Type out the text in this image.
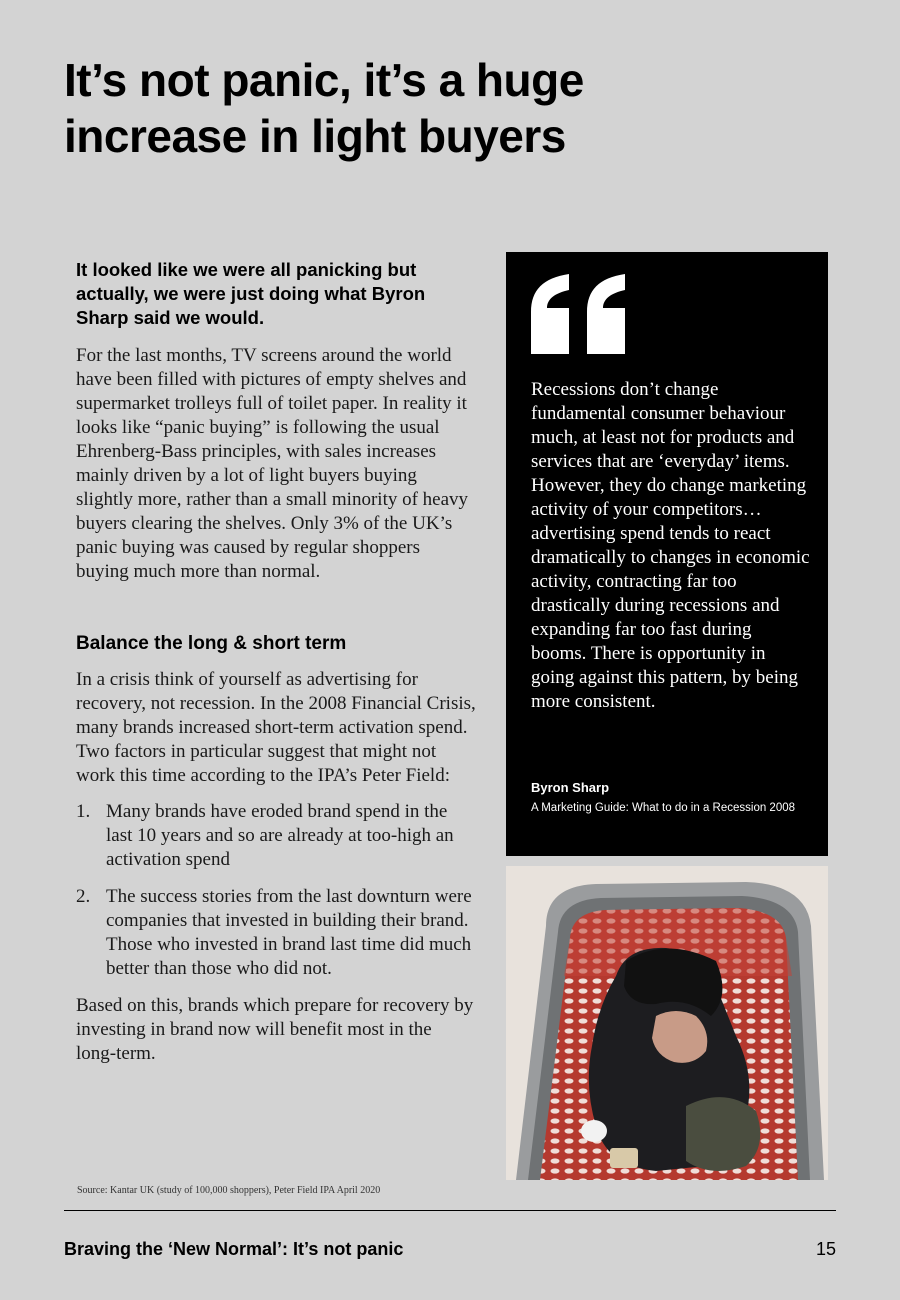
It’s not panic, it’s a huge increase in light buyers

It looked like we were all panicking but actually, we were just doing what Byron Sharp said we would.

For the last months, TV screens around the world have been filled with pictures of empty shelves and supermarket trolleys full of toilet paper. In reality it looks like “panic buying” is following the usual Ehrenberg-Bass principles, with sales increases mainly driven by a lot of light buyers buying slightly more, rather than a small minority of heavy buyers clearing the shelves. Only 3% of the UK’s panic buying was caused by regular shoppers buying much more than normal.

Balance the long & short term

In a crisis think of yourself as advertising for recovery, not recession. In the 2008 Financial Crisis, many brands increased short-term activation spend. Two factors in particular suggest that might not work this time according to the IPA’s Peter Field:

1. Many brands have eroded brand spend in the last 10 years and so are already at too-high an activation spend
2. The success stories from the last downturn were companies that invested in building their brand. Those who invested in brand last time did much better than those who did not.

Based on this, brands which prepare for recovery by investing in brand now will benefit most in the long-term.

Source: Kantar UK (study of 100,000 shoppers), Peter Field IPA April 2020

Recessions don’t change fundamental consumer behaviour much, at least not for products and services that are ‘everyday’ items. However, they do change marketing activity of your competitors… advertising spend tends to react dramatically to changes in economic activity, contracting far too drastically during recessions and expanding far too fast during booms. There is opportunity in going against this pattern, by being more consistent.

Byron Sharp

A Marketing Guide: What to do in a Recession 2008

Braving the ‘New Normal’: It’s not panic	15
